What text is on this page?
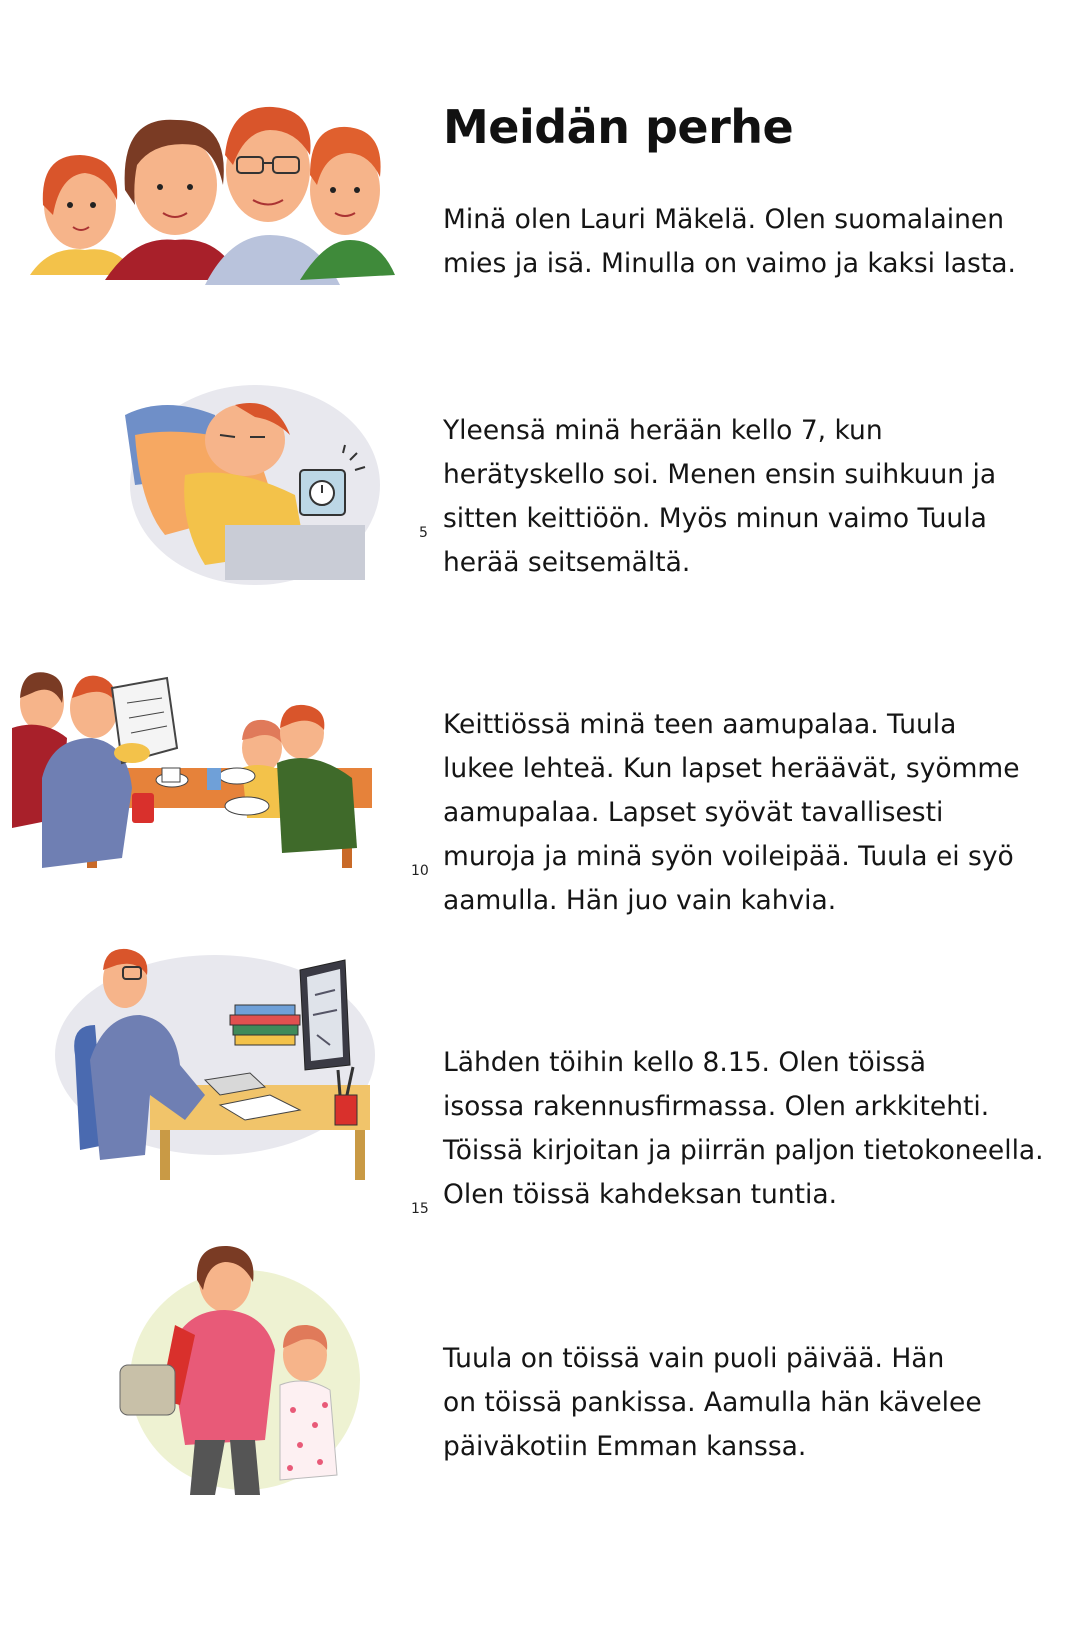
Meidän perhe
Minä olen Lauri Mäkelä. Olen suomalainen
mies ja isä. Minulla on vaimo ja kaksi lasta.
Yleensä minä herään kello 7, kun
herätyskello soi. Menen ensin suihkuun ja
5 sitten keittiöön. Myös minun vaimo Tuula
herää seitsemältä.
Keittiössä minä teen aamupalaa. Tuula
lukee lehteä. Kun lapset heräävät, syömme
aamupalaa. Lapset syövät tavallisesti
10 muroja ja minä syön voileipää. Tuula ei syö
aamulla. Hän juo vain kahvia.
Lähden töihin kello 8.15. Olen töissä
isossa rakennusfirmassa. Olen arkkitehti.
Töissä kirjoitan ja piirrän paljon tietokoneella.
15 Olen töissä kahdeksan tuntia.
Tuula on töissä vain puoli päivää. Hän
on töissä pankissa. Aamulla hän kävelee
päiväkotiin Emman kanssa.
